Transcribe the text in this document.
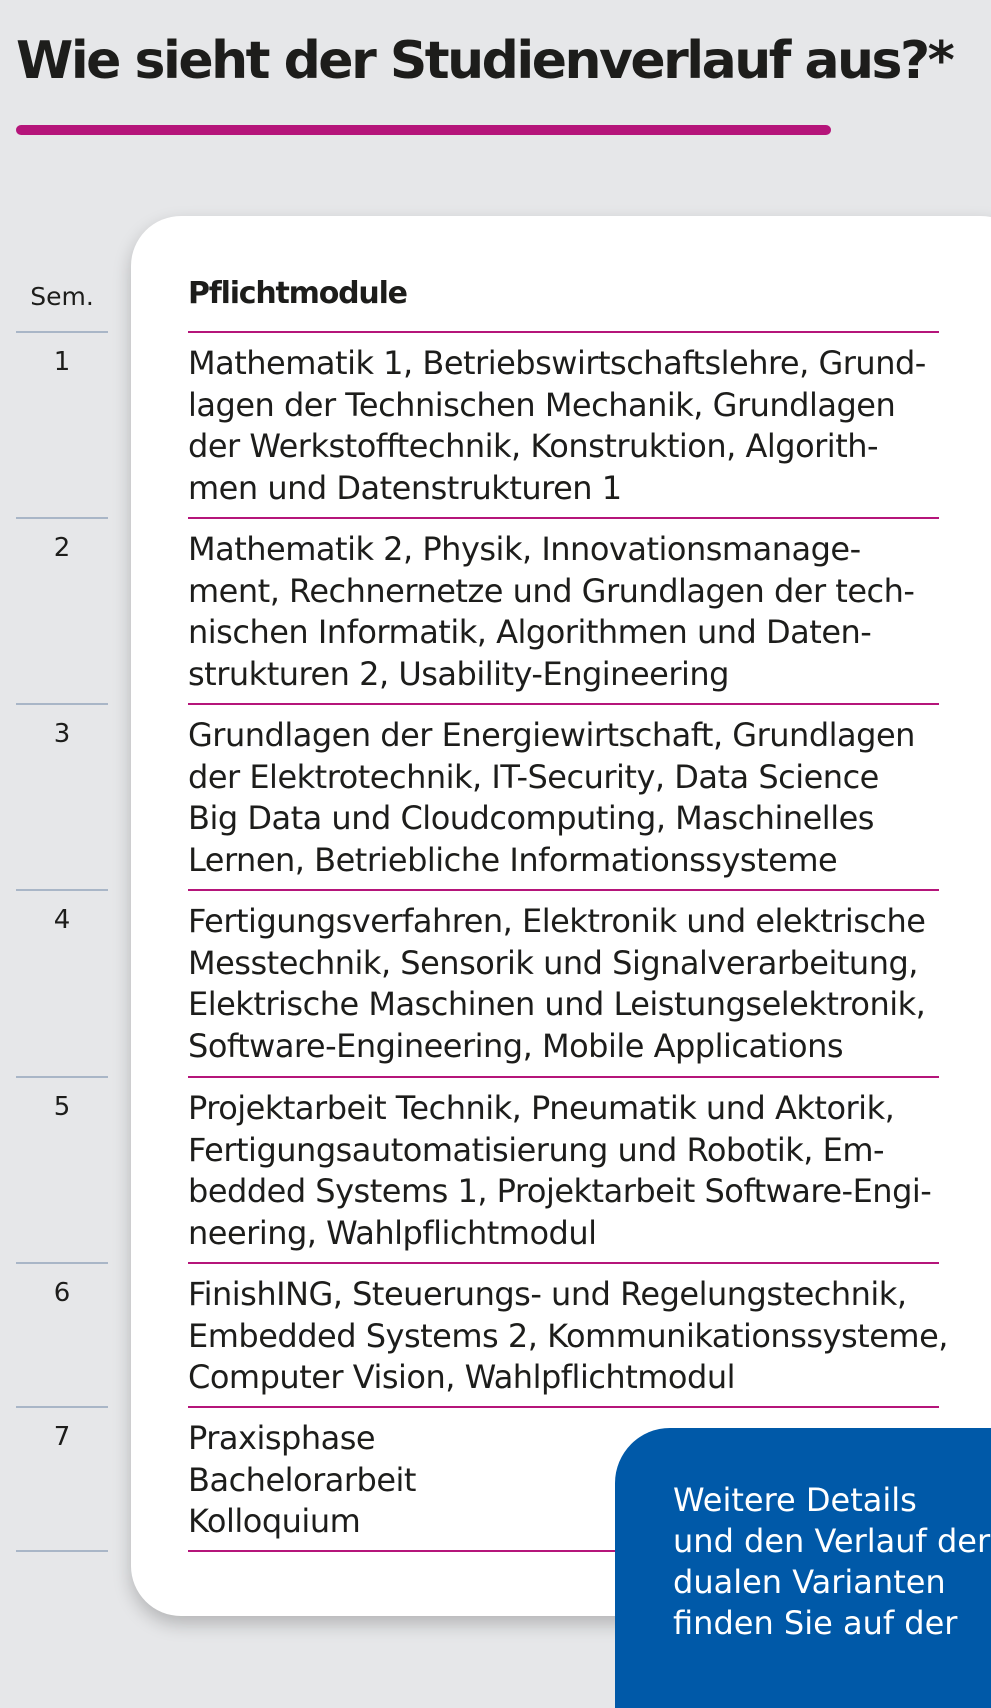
Wie sieht der Studienverlauf aus?*
Sem.	Pflichtmodule
1	Mathematik 1, Betriebswirtschaftslehre, Grund-
lagen der Technischen Mechanik, Grundlagen
der Werkstofftechnik, Konstruktion, Algorith-
men und Datenstrukturen 1

2	Mathematik 2, Physik, Innovationsmanage-
ment, Rechnernetze und Grundlagen der tech-
nischen Informatik, Algorithmen und Daten-
strukturen 2, Usability-Engineering

3	Grundlagen der Energiewirtschaft, Grundlagen
der Elektrotechnik, IT-Security, Data Science
Big Data und Cloudcomputing, Maschinelles
Lernen, Betriebliche Informationssysteme

4	Fertigungsverfahren, Elektronik und elektrische
Messtechnik, Sensorik und Signalverarbeitung,
Elektrische Maschinen und Leistungselektronik,
Software-Engineering, Mobile Applications

5	Projektarbeit Technik, Pneumatik und Aktorik,
Fertigungsautomatisierung und Robotik, Em-
bedded Systems 1, Projektarbeit Software-Engi-
neering, Wahlpflichtmodul

6	FinishING, Steuerungs- und Regelungstechnik,
Embedded Systems 2, Kommunikationssysteme,
Computer Vision, Wahlpflichtmodul

7	Praxisphase
Bachelorarbeit
Kolloquium

Weitere Details
und den Verlauf der
dualen Varianten
finden Sie auf der
